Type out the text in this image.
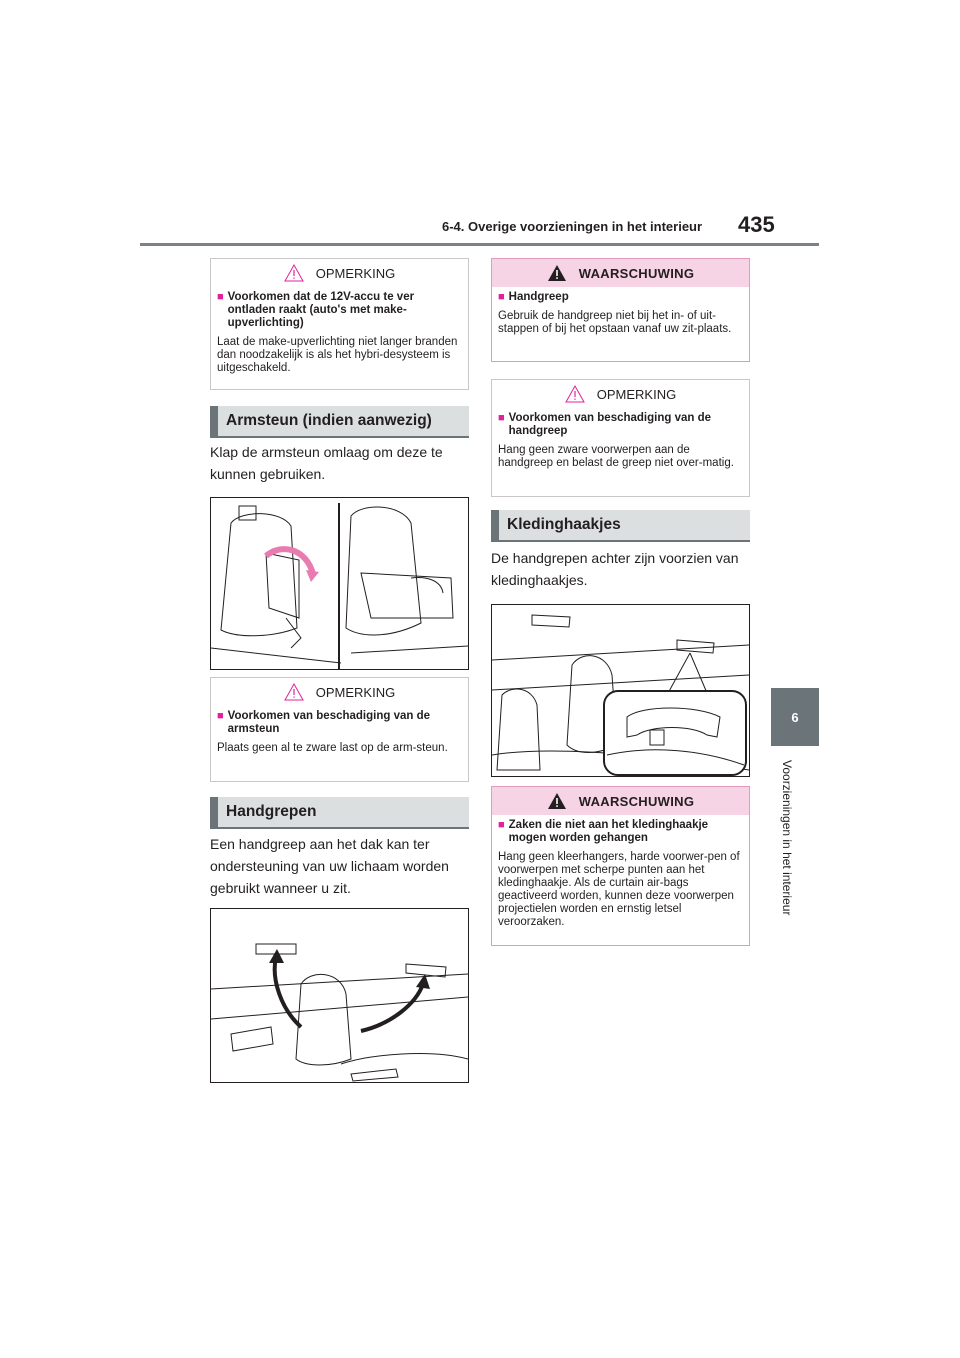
6-4. Overige voorzieningen in het interieur 435
6
Voorzieningen in het interieur
OPMERKING
■ Voorkomen dat de 12V-accu te ver ontladen raakt (auto's met make-upverlichting)
Laat de make-upverlichting niet langer branden dan noodzakelijk is als het hybri-desysteem is uitgeschakeld.
Armsteun (indien aanwezig)
Klap de armsteun omlaag om deze te kunnen gebruiken.
OPMERKING
■ Voorkomen van beschadiging van de armsteun
Plaats geen al te zware last op de arm-steun.
Handgrepen
Een handgreep aan het dak kan ter ondersteuning van uw lichaam worden gebruikt wanneer u zit.
WAARSCHUWING
■ Handgreep
Gebruik de handgreep niet bij het in- of uit-stappen of bij het opstaan vanaf uw zit-plaats.
OPMERKING
■ Voorkomen van beschadiging van de handgreep
Hang geen zware voorwerpen aan de handgreep en belast de greep niet over-matig.
Kledinghaakjes
De handgrepen achter zijn voorzien van kledinghaakjes.
WAARSCHUWING
■ Zaken die niet aan het kledinghaakje mogen worden gehangen
Hang geen kleerhangers, harde voorwer-pen of voorwerpen met scherpe punten aan het kledinghaakje. Als de curtain air-bags geactiveerd worden, kunnen deze voorwerpen projectielen worden en ernstig letsel veroorzaken.
